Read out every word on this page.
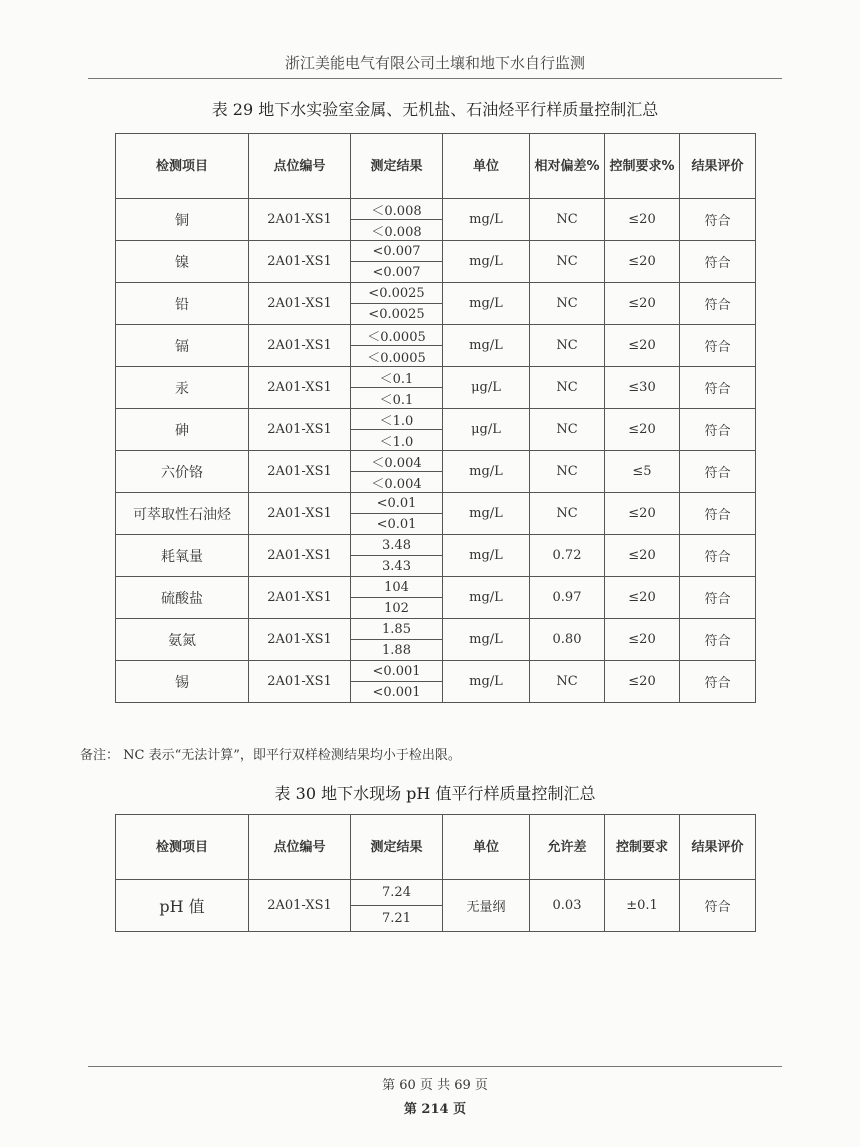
浙江美能电气有限公司土壤和地下水自行监测
表 29 地下水实验室金属、无机盐、石油烃平行样质量控制汇总
检测项目	点位编号	测定结果	单位	相对偏差%	控制要求%	结果评价
铜	2A01-XS1	＜0.008	mg/L	NC	≤20	符合
		＜0.008				
镍	2A01-XS1	<0.007	mg/L	NC	≤20	符合
		<0.007				
铅	2A01-XS1	<0.0025	mg/L	NC	≤20	符合
		<0.0025				
镉	2A01-XS1	＜0.0005	mg/L	NC	≤20	符合
		＜0.0005				
汞	2A01-XS1	＜0.1	μg/L	NC	≤30	符合
		＜0.1				
砷	2A01-XS1	＜1.0	μg/L	NC	≤20	符合
		＜1.0				
六价铬	2A01-XS1	＜0.004	mg/L	NC	≤5	符合
		＜0.004				
可萃取性石油烃	2A01-XS1	<0.01	mg/L	NC	≤20	符合
		<0.01				
耗氧量	2A01-XS1	3.48	mg/L	0.72	≤20	符合
		3.43				
硫酸盐	2A01-XS1	104	mg/L	0.97	≤20	符合
		102				
氨氮	2A01-XS1	1.85	mg/L	0.80	≤20	符合
		1.88				
锡	2A01-XS1	<0.001	mg/L	NC	≤20	符合
		<0.001				
备注： NC 表示“无法计算”，即平行双样检测结果均小于检出限。
表 30 地下水现场 pH 值平行样质量控制汇总
检测项目	点位编号	测定结果	单位	允许差	控制要求	结果评价
pH 值	2A01-XS1	7.24	无量纲	0.03	±0.1	符合
		7.21				
第 60 页 共 69 页
第 214 页
